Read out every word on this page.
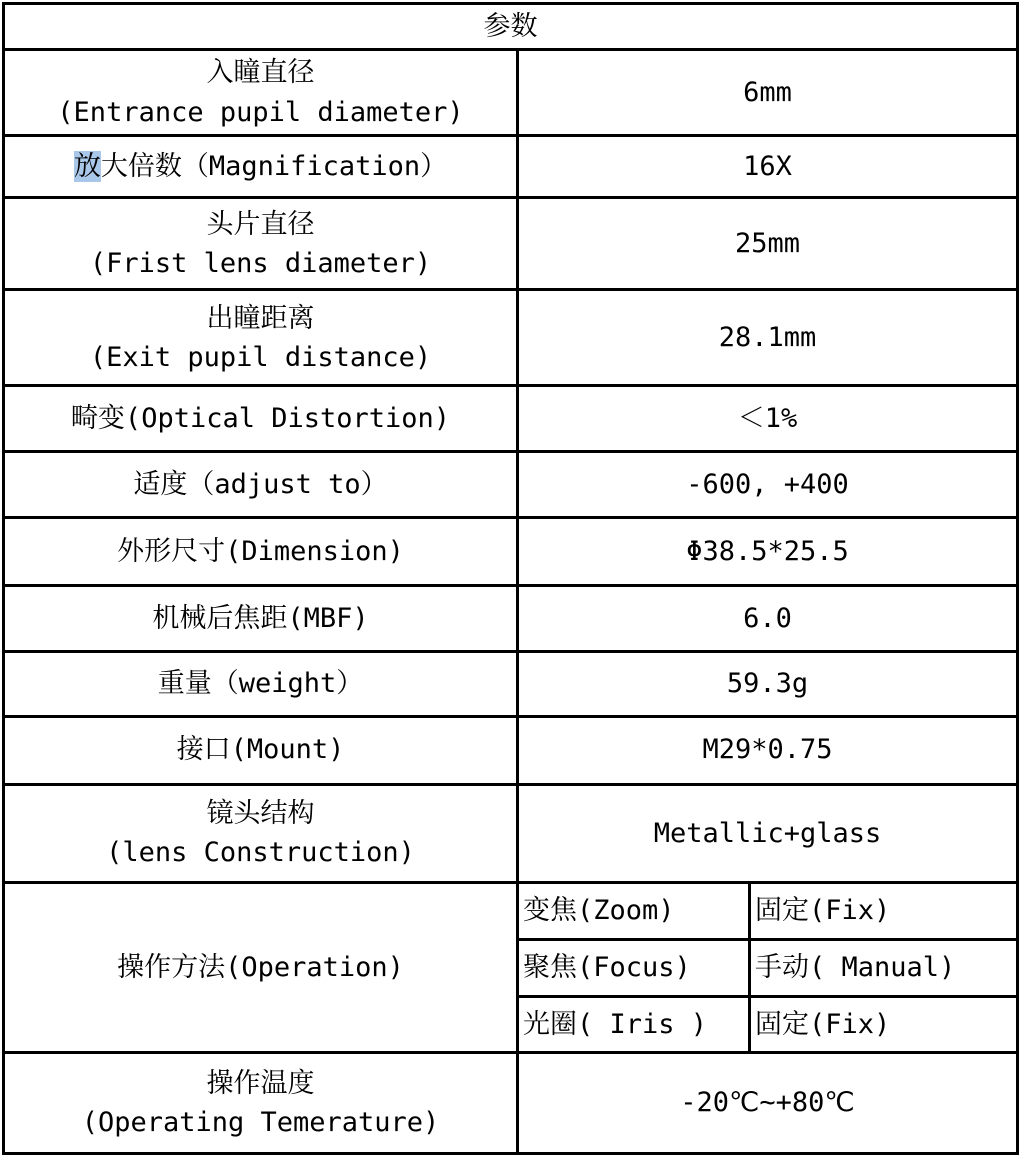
参数		

入瞳直径
(Entrance pupil diameter)	6mm	
放大倍数（Magnification）	16X	

头片直径
(Frist lens diameter)	25mm	

出瞳距离
(Exit pupil distance)	28.1mm	
畸变(Optical Distortion)	＜1%	
适度（adjust to）	-600, +400	
外形尺寸(Dimension)	Φ38.5*25.5	
机械后焦距(MBF)	6.0	
重量（weight）	59.3g	
接口(Mount)	M29*0.75	

镜头结构
(lens Construction)	Metallic+glass	
操作方法(Operation)	变焦(Zoom)	固定(Fix)
	聚焦(Focus)	手动( Manual)
	光圈( Iris )	固定(Fix)

操作温度
(Operating Temerature)	-20℃~+80℃	
